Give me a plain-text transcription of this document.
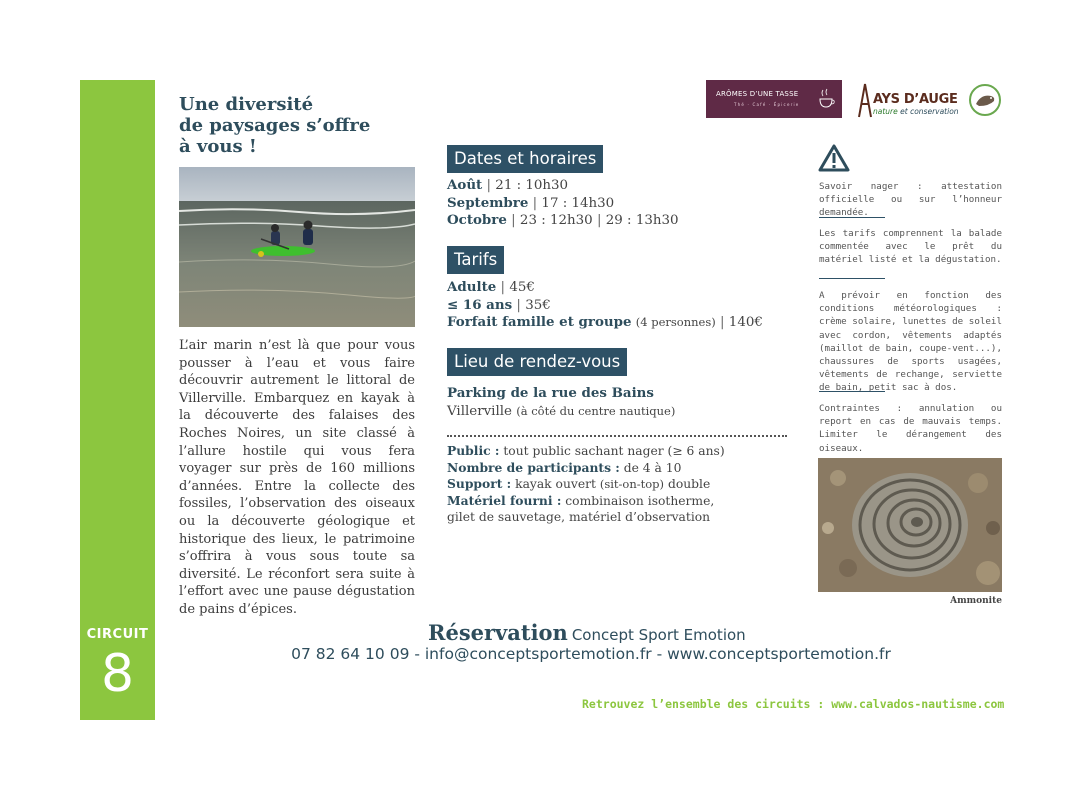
CIRCUIT
8
Une diversité
de paysages s’offre
à vous !

L’air marin n’est là que pour vous pousser à l’eau et vous faire découvrir autrement le littoral de Villerville. Embarquez en kayak à la découverte des falaises des Roches Noires, un site classé à l’allure hostile qui vous fera voyager sur près de 160 millions d’années. Entre la collecte des fossiles, l’observation des oiseaux ou la découverte géologique et historique des lieux, le patrimoine s’offrira à vous sous toute sa diversité. Le réconfort sera suite à l’effort avec une pause dégustation de pains d’épices.

Dates et horaires
Août | 21 : 10h30
Septembre | 17 : 14h30
Octobre | 23 : 12h30 | 29 : 13h30
Tarifs
Adulte | 45€
≤ 16 ans | 35€
Forfait famille et groupe (4 personnes) | 140€
Lieu de rendez-vous
Parking de la rue des Bains
Villerville (à côté du centre nautique)
Public : tout public sachant nager (≥ 6 ans)
Nombre de participants : de 4 à 10
Support : kayak ouvert (sit-on-top) double
Matériel fourni : combinaison isotherme,
gilet de sauvetage, matériel d’observation
ARÔMES D’UNE TASSE
Thé · Café · Épicerie	AYS D’AUGE
nature et conservation

Savoir nager : attestation officielle ou sur l’honneur demandée.

Les tarifs comprennent la balade commentée avec le prêt du matériel listé et la dégustation.

A prévoir en fonction des conditions météorologiques : crème solaire, lunettes de soleil avec cordon, vêtements adaptés (maillot de bain, coupe-vent...), chaussures de sports usagées, vêtements de rechange, serviette de bain, petit sac à dos.

Contraintes : annulation ou report en cas de mauvais temps. Limiter le dérangement des oiseaux.

Ammonite
Réservation Concept Sport Emotion
07 82 64 10 09 - info@conceptsportemotion.fr - www.conceptsportemotion.fr
Retrouvez l’ensemble des circuits : www.calvados-nautisme.com
